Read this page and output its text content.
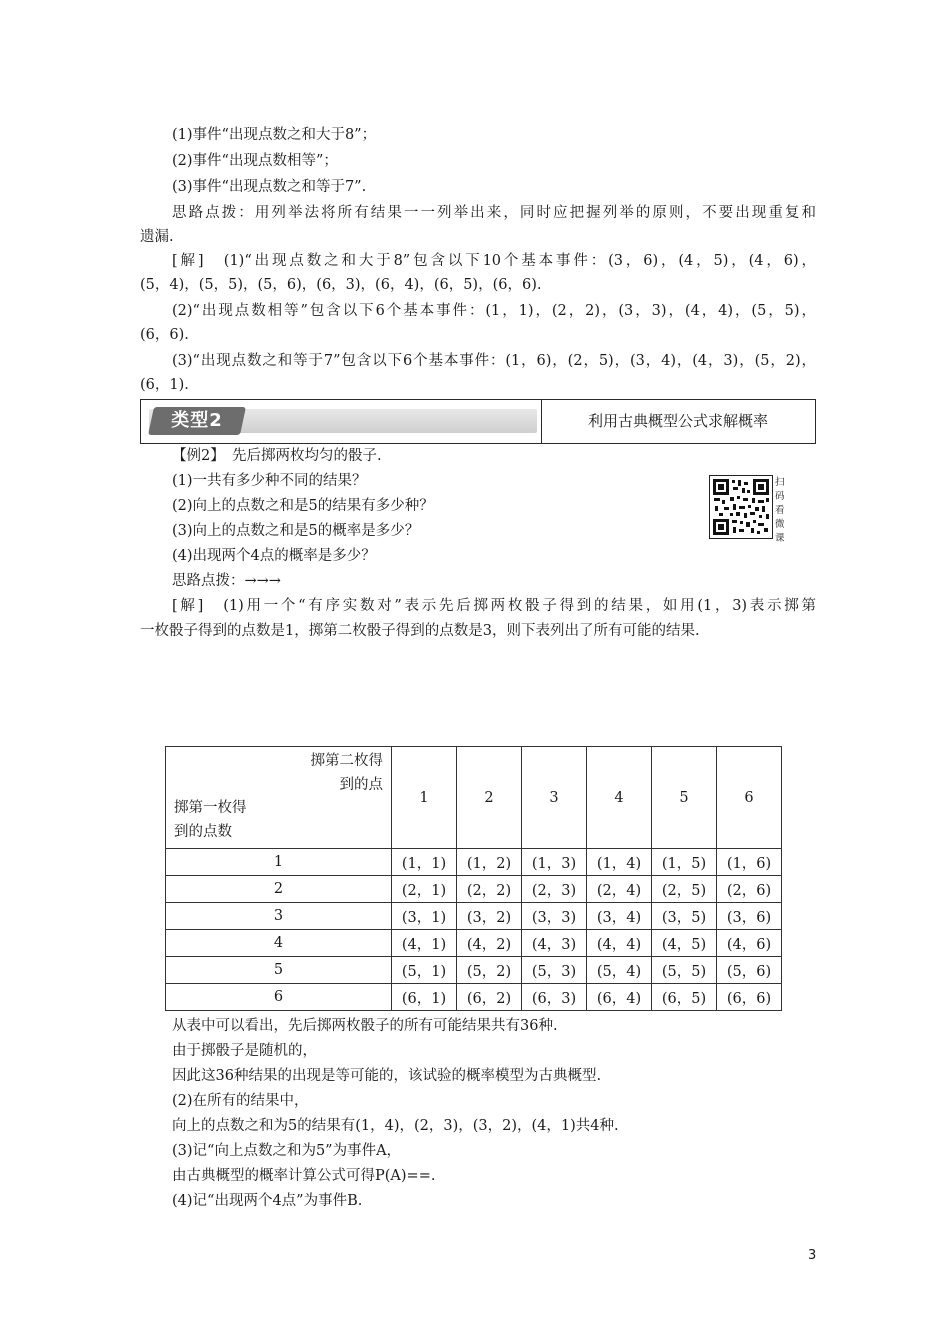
(1)事件“出现点数之和大于8”；
(2)事件“出现点数相等”；
(3)事件“出现点数之和等于7”.
思路点拨：用列举法将所有结果一一列举出来，同时应把握列举的原则，不要出现重复和
遗漏.
[解]　(1)“出现点数之和大于8”包含以下10个基本事件：(3，6)，(4，5)，(4，6)，
(5，4)，(5，5)，(5，6)，(6，3)，(6，4)，(6，5)，(6，6).
(2)“出现点数相等”包含以下6个基本事件：(1，1)，(2，2)，(3，3)，(4，4)，(5，5)，
(6，6).
(3)“出现点数之和等于7”包含以下6个基本事件：(1，6)，(2，5)，(3，4)，(4，3)，(5，2)，
(6，1).
类型2	利用古典概型公式求解概率
【例2】　先后掷两枚均匀的骰子.
(1)一共有多少种不同的结果？
(2)向上的点数之和是5的结果有多少种？
(3)向上的点数之和是5的概率是多少？
(4)出现两个4点的概率是多少？
扫码看微课
思路点拨：→→→
[解]　(1)用一个“有序实数对”表示先后掷两枚骰子得到的结果，如用(1，3)表示掷第
一枚骰子得到的点数是1，掷第二枚骰子得到的点数是3，则下表列出了所有可能的结果.
掷第二枚得
到的点
掷第一枚得
到的点数	1	2	3	4	5	6
1	(1，1)	(1，2)	(1，3)	(1，4)	(1，5)	(1，6)
2	(2，1)	(2，2)	(2，3)	(2，4)	(2，5)	(2，6)
3	(3，1)	(3，2)	(3，3)	(3，4)	(3，5)	(3，6)
4	(4，1)	(4，2)	(4，3)	(4，4)	(4，5)	(4，6)
5	(5，1)	(5，2)	(5，3)	(5，4)	(5，5)	(5，6)
6	(6，1)	(6，2)	(6，3)	(6，4)	(6，5)	(6，6)
从表中可以看出，先后掷两枚骰子的所有可能结果共有36种.
由于掷骰子是随机的，
因此这36种结果的出现是等可能的，该试验的概率模型为古典概型.
(2)在所有的结果中，
向上的点数之和为5的结果有(1，4)，(2，3)，(3，2)，(4，1)共4种.
(3)记“向上点数之和为5”为事件A，
由古典概型的概率计算公式可得P(A)==.
(4)记“出现两个4点”为事件B.
3
